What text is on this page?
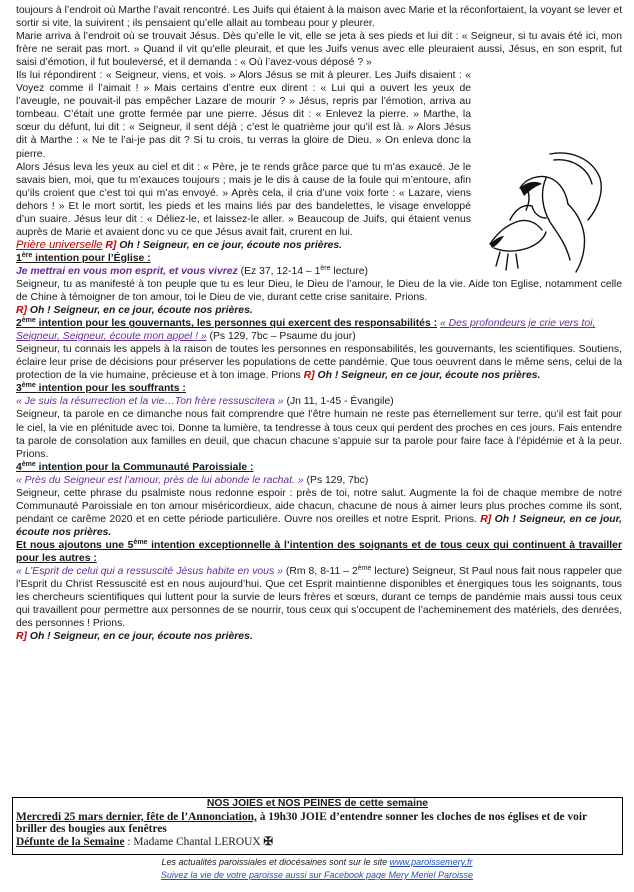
toujours à l’endroit où Marthe l’avait rencontré. Les Juifs qui étaient à la maison avec Marie et la réconfortaient, la voyant se lever et sortir si vite, la suivirent ; ils pensaient qu’elle allait au tombeau pour y pleurer.

Marie arriva à l’endroit où se trouvait Jésus. Dès qu’elle le vit, elle se jeta à ses pieds et lui dit : « Seigneur, si tu avais été ici, mon frère ne serait pas mort. » Quand il vit qu’elle pleurait, et que les Juifs venus avec elle pleuraient aussi, Jésus, en son esprit, fut saisi d’émotion, il fut bouleversé, et il demanda : « Où l’avez-vous déposé ? »

Ils lui répondirent : « Seigneur, viens, et vois. » Alors Jésus se mit à pleurer. Les Juifs disaient : « Voyez comme il l’aimait ! » Mais certains d’entre eux dirent : « Lui qui a ouvert les yeux de l’aveugle, ne pouvait-il pas empêcher Lazare de mourir ? » Jésus, repris par l’émotion, arriva au tombeau. C’était une grotte fermée par une pierre. Jésus dit : « Enlevez la pierre. » Marthe, la sœur du défunt, lui dit : « Seigneur, il sent déjà ; c’est le quatrième jour qu’il est là. » Alors Jésus dit à Marthe : « Ne te l’ai-je pas dit ? Si tu crois, tu verras la gloire de Dieu. » On enleva donc la pierre.

Alors Jésus leva les yeux au ciel et dit : « Père, je te rends grâce parce que tu m’as exaucé. Je le savais bien, moi, que tu m’exauces toujours ; mais je le dis à cause de la foule qui m’entoure, afin qu’ils croient que c’est toi qui m’as envoyé. » Après cela, il cria d’une voix forte : « Lazare, viens dehors ! » Et le mort sortit, les pieds et les mains liés par des bandelettes, le visage enveloppé d’un suaire. Jésus leur dit : « Déliez-le, et laissez-le aller. » Beaucoup de Juifs, qui étaient venus auprès de Marie et avaient donc vu ce que Jésus avait fait, crurent en lui.

Prière universelle R] Oh ! Seigneur, en ce jour, écoute nos prières.

1ère intention pour l’Église :

Je mettrai en vous mon esprit, et vous vivrez (Ez 37, 12-14 – 1ère lecture)

Seigneur, tu as manifesté à ton peuple que tu es leur Dieu, le Dieu de l’amour, le Dieu de la vie. Aide ton Eglise, notamment celle de Chine à témoigner de ton amour, toi le Dieu de vie, durant cette crise sanitaire. Prions.

R] Oh ! Seigneur, en ce jour, écoute nos prières.

2ème intention pour les gouvernants, les personnes qui exercent des responsabilités : « Des profondeurs je crie vers toi, Seigneur, Seigneur, écoute mon appel ! » (Ps 129, 7bc – Psaume du jour)

Seigneur, tu connais les appels à la raison de toutes les personnes en responsabilités, les gouvernants, les scientifiques. Soutiens, éclaire leur prise de décisions pour préserver les populations de cette pandémie. Que tous oeuvrent dans le même sens, celui de la protection de la vie humaine, précieuse et à ton image. Prions R] Oh ! Seigneur, en ce jour, écoute nos prières.

3ème intention pour les souffrants :

« Je suis la résurrection et la vie…Ton frère ressuscitera » (Jn 11, 1-45 - Évangile)

Seigneur, ta parole en ce dimanche nous fait comprendre que l’être humain ne reste pas éternellement sur terre, qu’il est fait pour le ciel, la vie en plénitude avec toi. Donne ta lumière, ta tendresse à tous ceux qui perdent des proches en ces jours. Fais entendre ta parole de consolation aux familles en deuil, que chacun chacune s’appuie sur ta parole pour faire face à l’épidémie et à la peur. Prions.

4ème intention pour la Communauté Paroissiale :

« Près du Seigneur est l’amour, près de lui abonde le rachat. » (Ps 129, 7bc)

Seigneur, cette phrase du psalmiste nous redonne espoir : près de toi, notre salut. Augmente la foi de chaque membre de notre Communauté Paroissiale en ton amour miséricordieux, aide chacun, chacune de nous à aimer leurs plus proches comme ils sont, pendant ce carême 2020 et en cette période particulière. Ouvre nos oreilles et notre Esprit. Prions. R] Oh ! Seigneur, en ce jour, écoute nos prières.

Et nous ajoutons une 5ème intention exceptionnelle à l’intention des soignants et de tous ceux qui continuent à travailler pour les autres :

« L’Esprit de celui qui a ressuscité Jésus habite en vous » (Rm 8, 8-11 – 2ème lecture) Seigneur, St Paul nous fait nous rappeler que l’Esprit du Christ Ressuscité est en nous aujourd’hui. Que cet Esprit maintienne disponibles et énergiques tous les soignants, tous les chercheurs scientifiques qui luttent pour la survie de leurs frères et sœurs, durant ce temps de pandémie mais aussi tous ceux qui travaillent pour permettre aux personnes de se nourrir, tous ceux qui s’occupent de l’acheminement des matériels, des denrées, des personnes ! Prions.

R] Oh ! Seigneur, en ce jour, écoute nos prières.

NOS JOIES et NOS PEINES de cette semaine

Mercredi 25 mars dernier, fête de l’Annonciation, à 19h30 JOIE d’entendre sonner les cloches de nos églises et de voir briller des bougies aux fenêtres

Défunte de la Semaine : Madame Chantal LEROUX ✠

Les actualités paroissiales et diocésaines sont sur le site www.paroissemery.fr
Suivez la vie de votre paroisse aussi sur Facebook page Mery Meriel Paroisse
